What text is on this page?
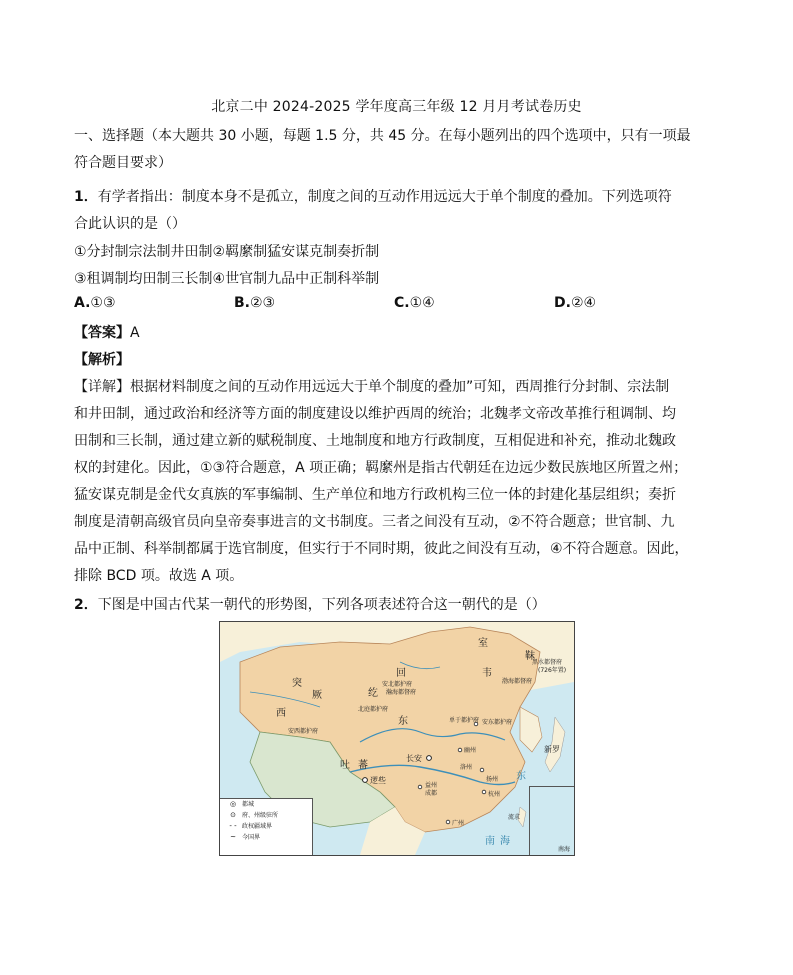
北京二中 2024-2025 学年度高三年级 12 月月考试卷历史
一、选择题（本大题共 30 小题，每题 1.5 分，共 45 分。在每小题列出的四个选项中，只有一项最
符合题目要求）
1．有学者指出：制度本身不是孤立，制度之间的互动作用远远大于单个制度的叠加。下列选项符
合此认识的是（）
①分封制宗法制井田制②羁縻制猛安谋克制奏折制
③租调制均田制三长制④世官制九品中正制科举制
A.①③	B.②③	C.①④	D.②④
【答案】A
【解析】
【详解】根据材料制度之间的互动作用远远大于单个制度的叠加”可知，西周推行分封制、宗法制
和井田制，通过政治和经济等方面的制度建设以维护西周的统治；北魏孝文帝改革推行租调制、均
田制和三长制，通过建立新的赋税制度、土地制度和地方行政制度，互相促进和补充，推动北魏政
权的封建化。因此，①③符合题意，A 项正确；羁縻州是指古代朝廷在边远少数民族地区所置之州；
猛安谋克制是金代女真族的军事编制、生产单位和地方行政机构三位一体的封建化基层组织；奏折
制度是清朝高级官员向皇帝奏事进言的文书制度。三者之间没有互动，②不符合题意；世官制、九
品中正制、科举制都属于选官制度，但实行于不同时期，彼此之间没有互动，④不符合题意。因此，
排除 BCD 项。故选 A 项。
2．下图是中国古代某一朝代的形势图，下列各项表述符合这一朝代的是（）
室
靺
黑水都督府
(726年置)
韦
渤海都督府
回
安北都护府
瀚海都督府
纥
突
厥
西	北庭都护府
东	单于都护府 安东都护府
安西都护府
幽州	新罗
吐 蕃
逻些
长安
洛州
扬州
益州
成都	杭州
广州
东
南 海
流求
◎ 都城
⊙	府、州级驻所
- - 政权疆域界
~	今国界
南海
